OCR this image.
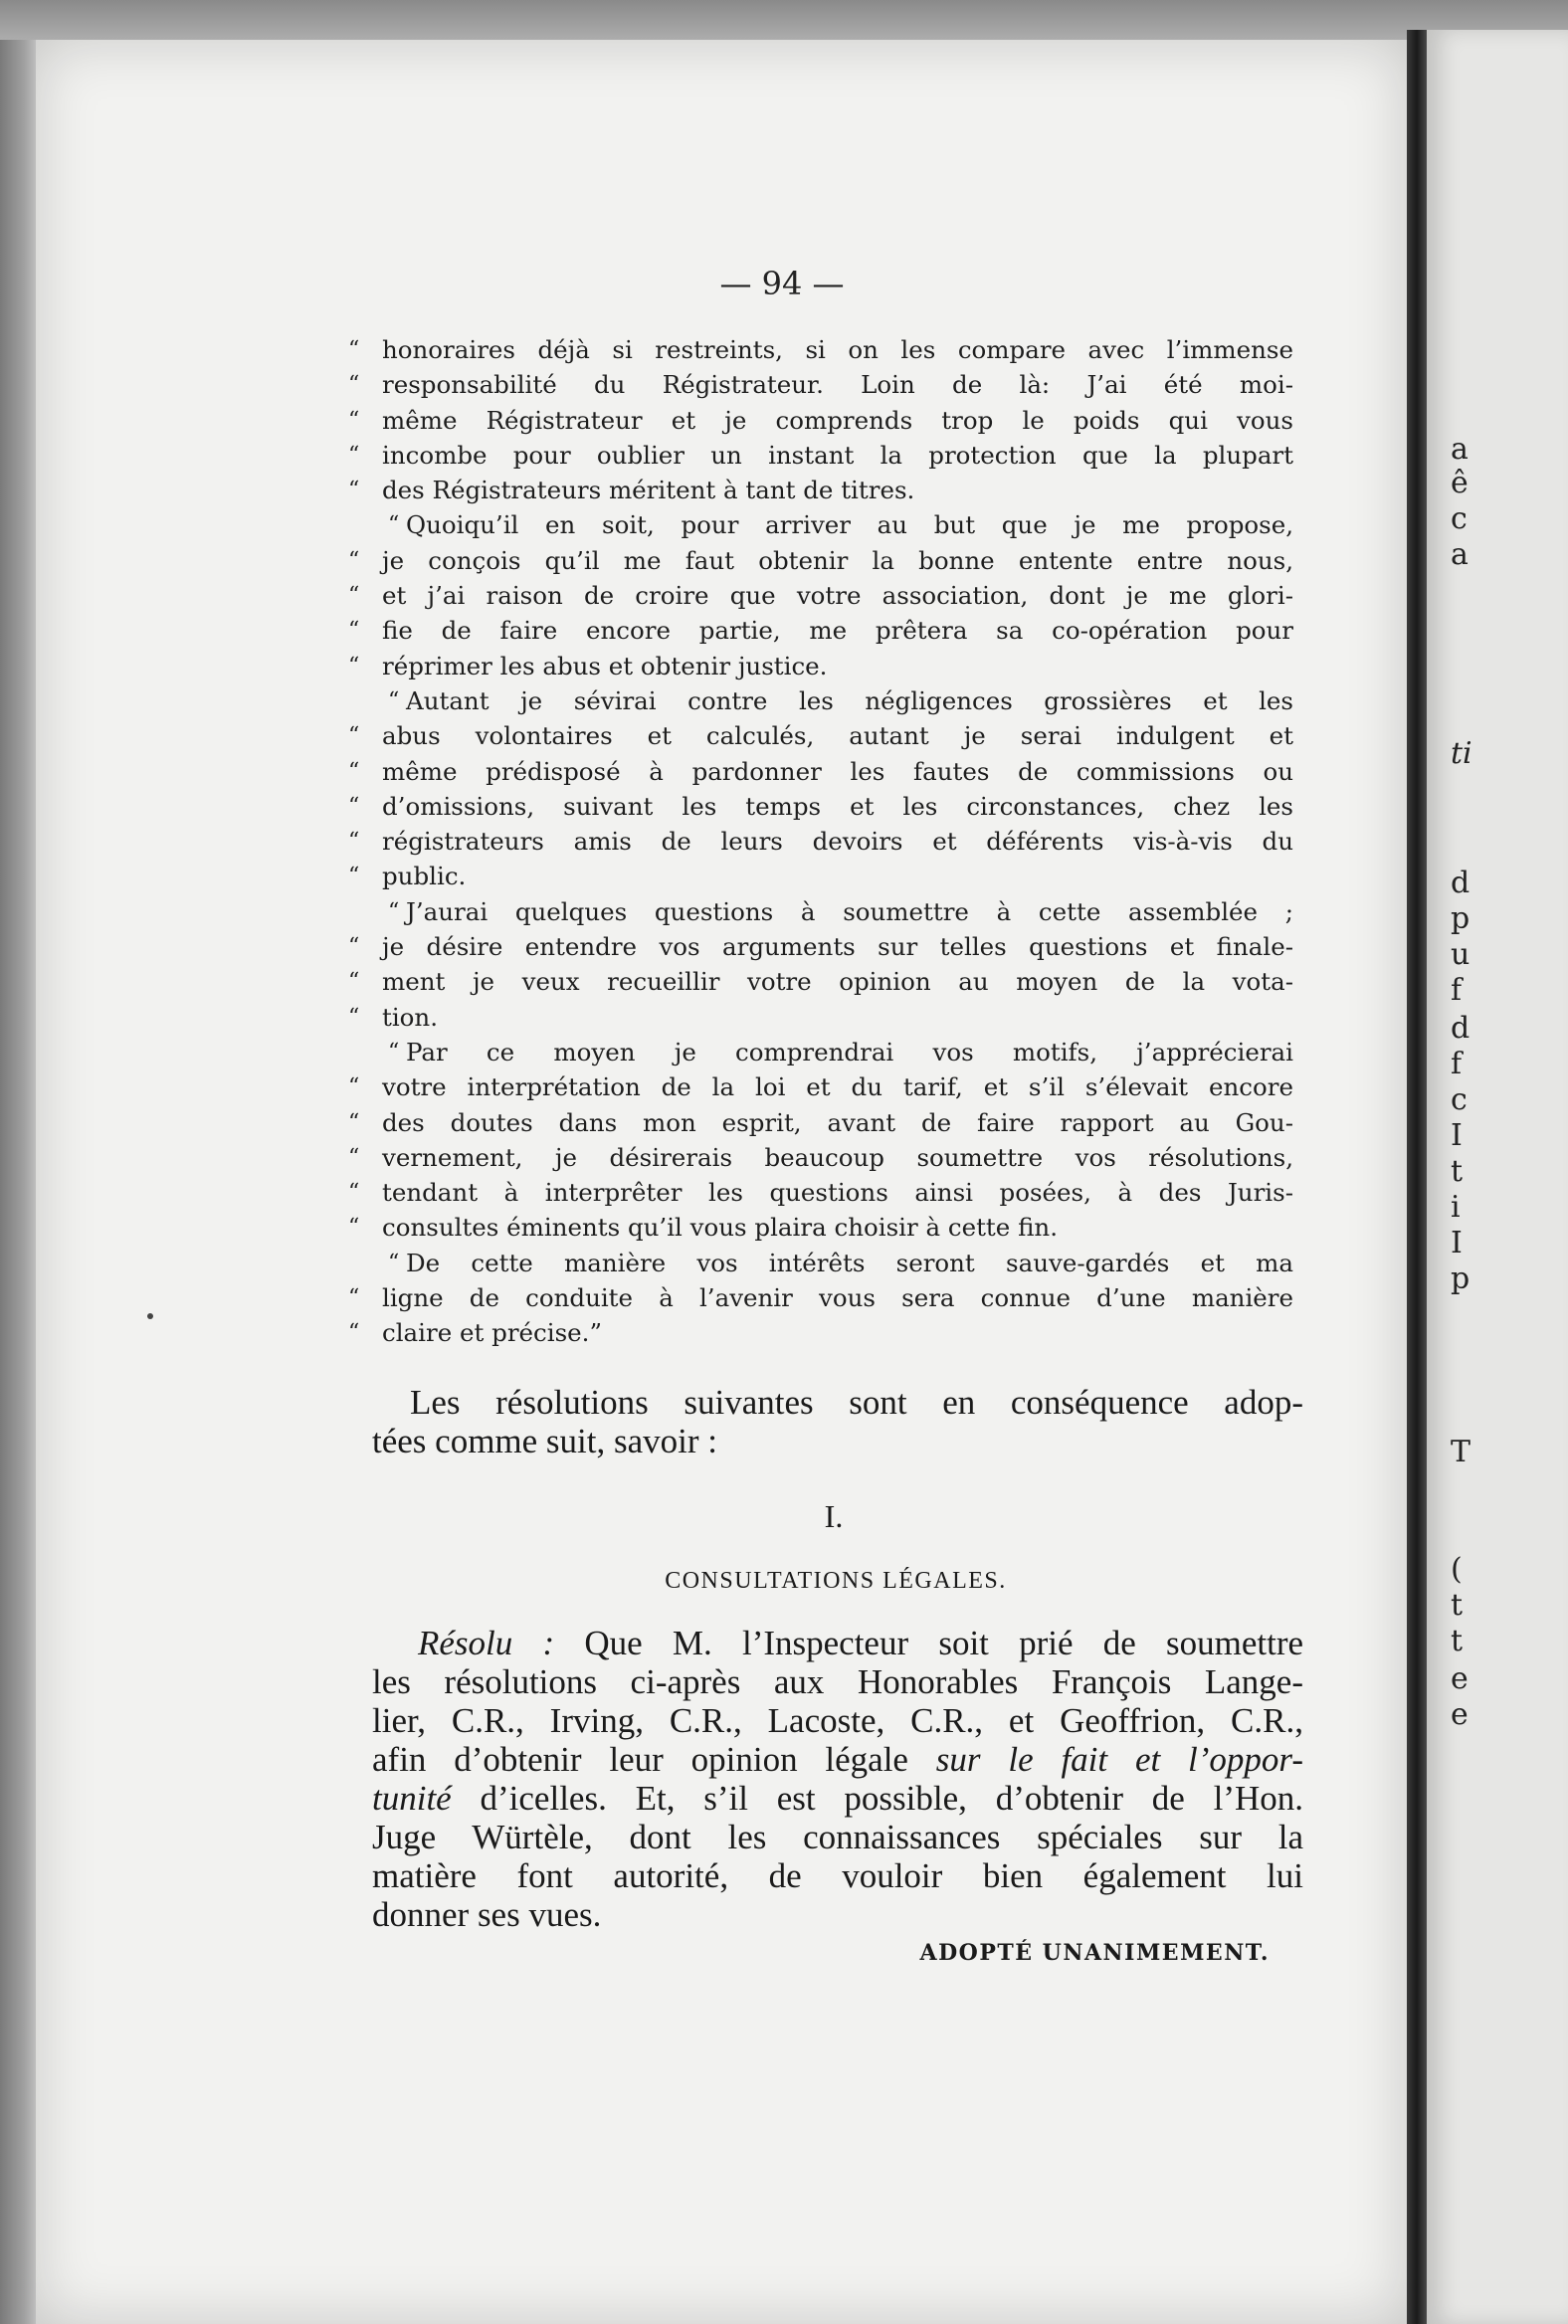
— 94 —
“ honoraires déjà si restreints, si on les compare avec l’immense
“ responsabilité du Régistrateur. Loin de là: J’ai été moi-
“ même Régistrateur et je comprends trop le poids qui vous
“ incombe pour oublier un instant la protection que la plupart
“ des Régistrateurs méritent à tant de titres.
“ Quoiqu’il en soit, pour arriver au but que je me propose,
“ je conçois qu’il me faut obtenir la bonne entente entre nous,
“ et j’ai raison de croire que votre association, dont je me glori-
“ fie de faire encore partie, me prêtera sa co-opération pour
“ réprimer les abus et obtenir justice.
“ Autant je sévirai contre les négligences grossières et les
“ abus volontaires et calculés, autant je serai indulgent et
“ même prédisposé à pardonner les fautes de commissions ou
“ d’omissions, suivant les temps et les circonstances, chez les
“ régistrateurs amis de leurs devoirs et déférents vis-à-vis du
“ public.
“ J’aurai quelques questions à soumettre à cette assemblée ;
“ je désire entendre vos arguments sur telles questions et finale-
“ ment je veux recueillir votre opinion au moyen de la vota-
“ tion.
“ Par ce moyen je comprendrai vos motifs, j’apprécierai
“ votre interprétation de la loi et du tarif, et s’il s’élevait encore
“ des doutes dans mon esprit, avant de faire rapport au Gou-
“ vernement, je désirerais beaucoup soumettre vos résolutions,
“ tendant à interprêter les questions ainsi posées, à des Juris-
“ consultes éminents qu’il vous plaira choisir à cette fin.
“ De cette manière vos intérêts seront sauve-gardés et ma
“ ligne de conduite à l’avenir vous sera connue d’une manière
“ claire et précise.”
Les résolutions suivantes sont en conséquence adop-
tées comme suit, savoir :
I.
CONSULTATIONS LÉGALES.
Résolu : Que M. l’Inspecteur soit prié de soumettre
les résolutions ci-après aux Honorables François Lange-
lier, C.R., Irving, C.R., Lacoste, C.R., et Geoffrion, C.R.,
afin d’obtenir leur opinion légale sur le fait et l’oppor-
tunité d’icelles. Et, s’il est possible, d’obtenir de l’Hon.
Juge Würtèle, dont les connaissances spéciales sur la
matière font autorité, de vouloir bien également lui
donner ses vues.
ADOPTÉ UNANIMEMENT.
a
ê
c
a
ti
d
p
u
f
d
f
c
I
t
i
I
p
T
(
t
t
e
e
